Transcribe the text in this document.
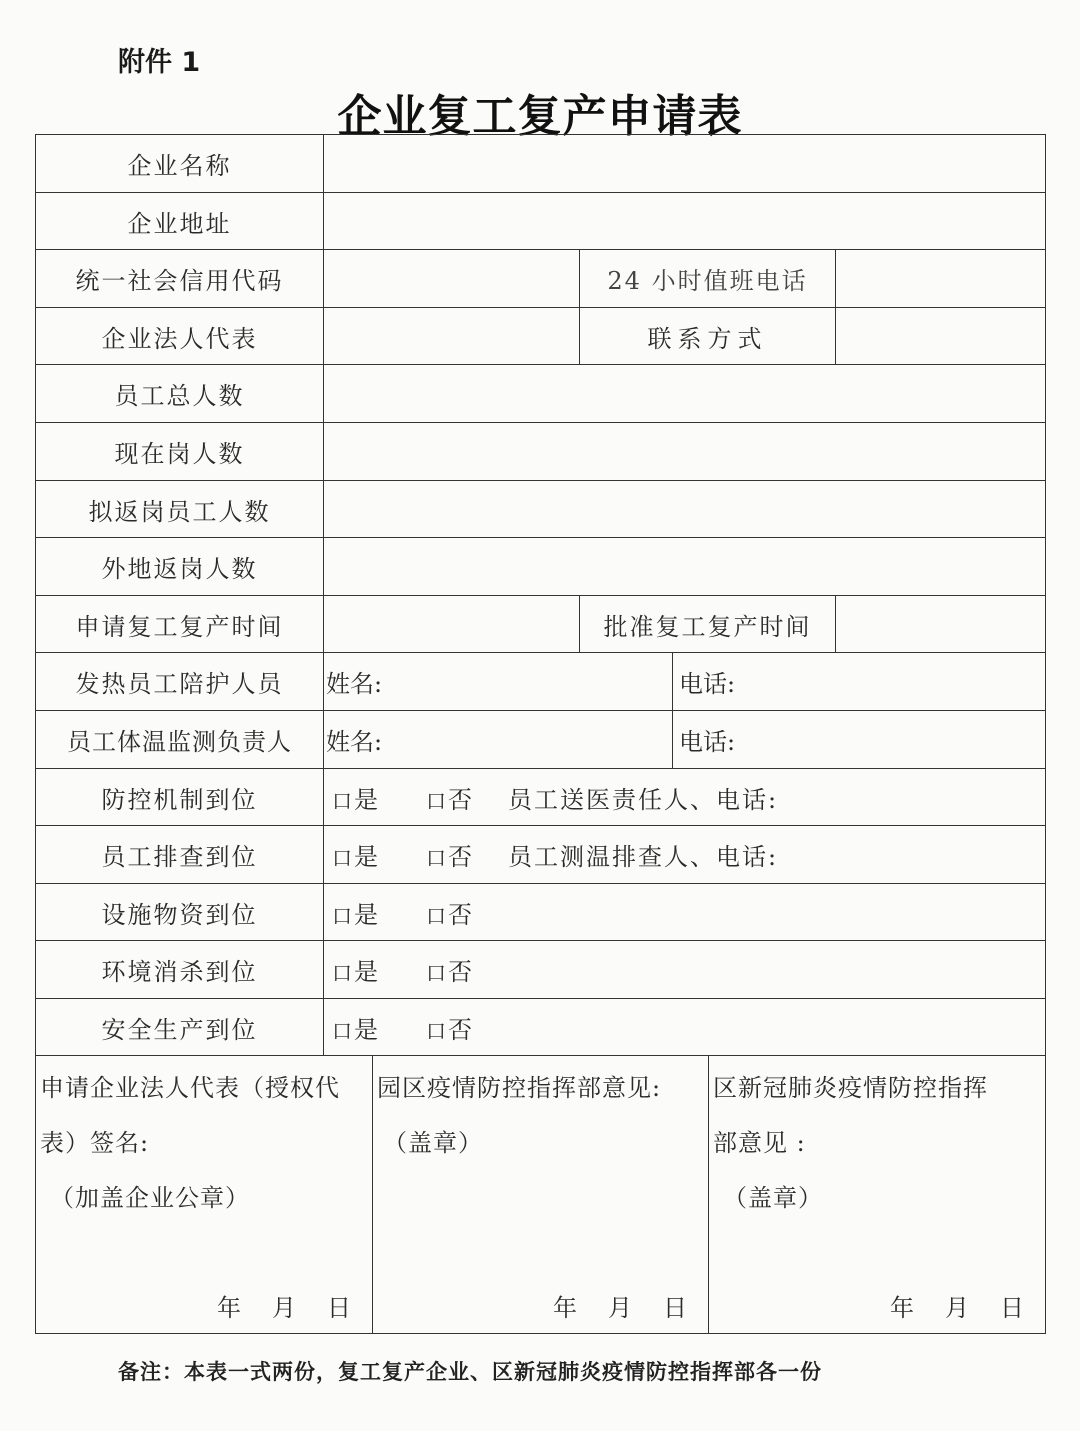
附件 1
企业复工复产申请表
企业名称
企业地址
统一社会信用代码	24 小时值班电话
企业法人代表	联系方式
员工总人数
现在岗人数
拟返岗员工人数
外地返岗人数
申请复工复产时间	批准复工复产时间
发热员工陪护人员	姓名:	电话:
员工体温监测负责人	姓名:	电话:
防控机制到位	口是 口否 员工送医责任人、电话:
员工排查到位	口是 口否 员工测温排查人、电话:
设施物资到位	口是 口否
环境消杀到位	口是 口否
安全生产到位	口是 口否
申请企业法人代表（授权代
表）签名:
（加盖企业公章）
年 月 日
园区疫情防控指挥部意见:
（盖章）
年 月 日
区新冠肺炎疫情防控指挥
部意见 :
（盖章）
年 月 日
备注：本表一式两份，复工复产企业、区新冠肺炎疫情防控指挥部各一份
